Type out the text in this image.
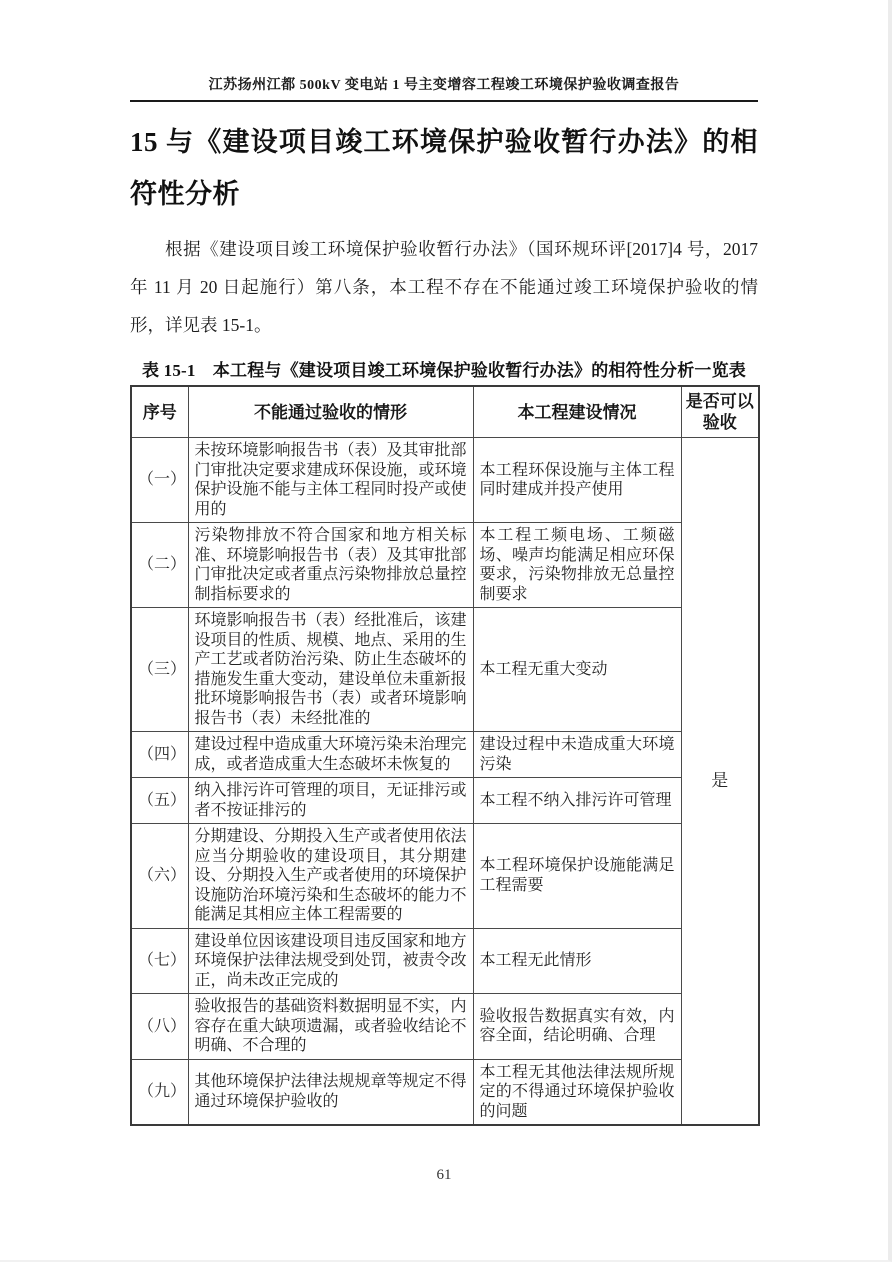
江苏扬州江都 500kV 变电站 1 号主变增容工程竣工环境保护验收调查报告
15 与《建设项目竣工环境保护验收暂行办法》的相符性分析
根据《建设项目竣工环境保护验收暂行办法》（国环规环评[2017]4 号，2017 年 11 月 20 日起施行）第八条，本工程不存在不能通过竣工环境保护验收的情形，详见表 15-1。
表 15-1　本工程与《建设项目竣工环境保护验收暂行办法》的相符性分析一览表
序号	不能通过验收的情形	本工程建设情况	是否可以验收
（一）	未按环境影响报告书（表）及其审批部门审批决定要求建成环保设施，或环境保护设施不能与主体工程同时投产或使用的	本工程环保设施与主体工程同时建成并投产使用	是
（二）	污染物排放不符合国家和地方相关标准、环境影响报告书（表）及其审批部门审批决定或者重点污染物排放总量控制指标要求的	本工程工频电场、工频磁场、噪声均能满足相应环保要求，污染物排放无总量控制要求	
（三）	环境影响报告书（表）经批准后，该建设项目的性质、规模、地点、采用的生产工艺或者防治污染、防止生态破坏的措施发生重大变动，建设单位未重新报批环境影响报告书（表）或者环境影响报告书（表）未经批准的	本工程无重大变动	
（四）	建设过程中造成重大环境污染未治理完成，或者造成重大生态破坏未恢复的	建设过程中未造成重大环境污染	
（五）	纳入排污许可管理的项目，无证排污或者不按证排污的	本工程不纳入排污许可管理	
（六）	分期建设、分期投入生产或者使用依法应当分期验收的建设项目，其分期建设、分期投入生产或者使用的环境保护设施防治环境污染和生态破坏的能力不能满足其相应主体工程需要的	本工程环境保护设施能满足工程需要	
（七）	建设单位因该建设项目违反国家和地方环境保护法律法规受到处罚，被责令改正，尚未改正完成的	本工程无此情形	
（八）	验收报告的基础资料数据明显不实，内容存在重大缺项遗漏，或者验收结论不明确、不合理的	验收报告数据真实有效，内容全面，结论明确、合理	
（九）	其他环境保护法律法规规章等规定不得通过环境保护验收的	本工程无其他法律法规所规定的不得通过环境保护验收的问题	
61
